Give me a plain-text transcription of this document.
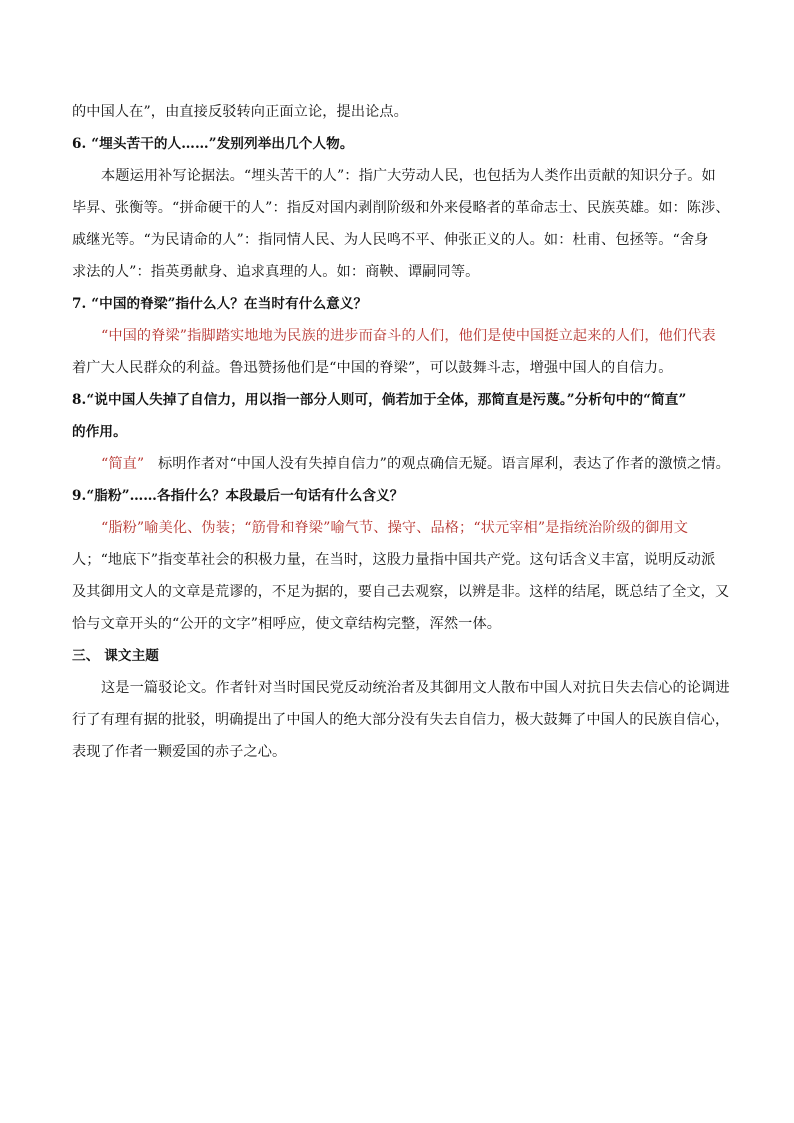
的中国人在”，由直接反驳转向正面立论，提出论点。
6. “埋头苦干的人……”发别列举出几个人物。
本题运用补写论据法。“埋头苦干的人”：指广大劳动人民，也包括为人类作出贡献的知识分子。如
毕昇、张衡等。“拼命硬干的人”：指反对国内剥削阶级和外来侵略者的革命志士、民族英雄。如：陈涉、
戚继光等。“为民请命的人”：指同情人民、为人民鸣不平、伸张正义的人。如：杜甫、包拯等。“舍身
求法的人”：指英勇献身、追求真理的人。如：商鞅、谭嗣同等。
7. “中国的脊梁”指什么人？在当时有什么意义？
“中国的脊梁”指脚踏实地地为民族的进步而奋斗的人们，他们是使中国挺立起来的人们，他们代表
着广大人民群众的利益。鲁迅赞扬他们是“中国的脊梁”，可以鼓舞斗志，增强中国人的自信力。
8.“说中国人失掉了自信力，用以指一部分人则可，倘若加于全体，那简直是污蔑。”分析句中的“简直”
的作用。
“简直” 标明作者对“中国人没有失掉自信力”的观点确信无疑。语言犀利，表达了作者的激愤之情。
9.“脂粉”……各指什么？本段最后一句话有什么含义？
“脂粉”喻美化、伪装；“筋骨和脊梁”喻气节、操守、品格；“状元宰相”是指统治阶级的御用文
人；“地底下”指变革社会的积极力量，在当时，这股力量指中国共产党。这句话含义丰富，说明反动派
及其御用文人的文章是荒谬的，不足为据的，要自己去观察，以辨是非。这样的结尾，既总结了全文，又
恰与文章开头的“公开的文字”相呼应，使文章结构完整，浑然一体。
三、 课文主题
这是一篇驳论文。作者针对当时国民党反动统治者及其御用文人散布中国人对抗日失去信心的论调进
行了有理有据的批驳，明确提出了中国人的绝大部分没有失去自信力，极大鼓舞了中国人的民族自信心，
表现了作者一颗爱国的赤子之心。
